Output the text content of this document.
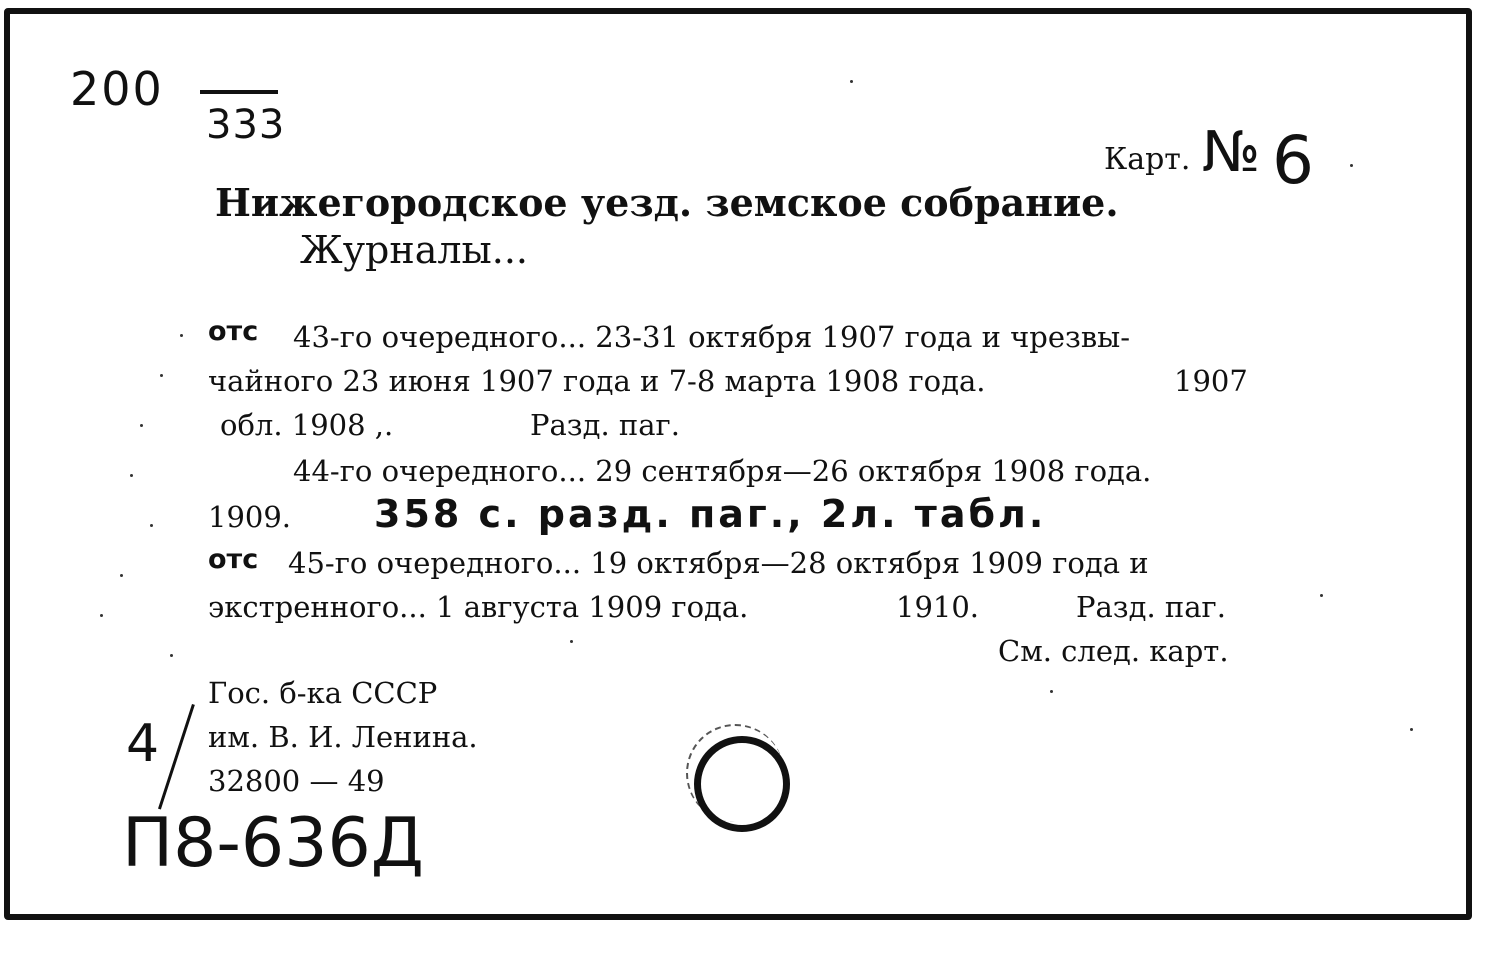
200
333
Карт. № 6
Нижегородское уезд. земское собрание.
Журналы...
отс 43-го очередного... 23-31 октября 1907 года и чрезвы-
чайного 23 июня 1907 года и 7-8 марта 1908 года.	1907
обл. 1908 ,.	Разд. паг.
44-го очередного... 29 сентября—26 октября 1908 года.
1909. 358 с. разд. паг., 2л. табл.
отс 45-го очередного... 19 октября—28 октября 1909 года и
экстренного... 1 августа 1909 года.	1910.	Разд. паг.
См. след. карт.
Гос. б-ка СССР
им. В. И. Ленина.
32800 — 49
4
П8-636Д
